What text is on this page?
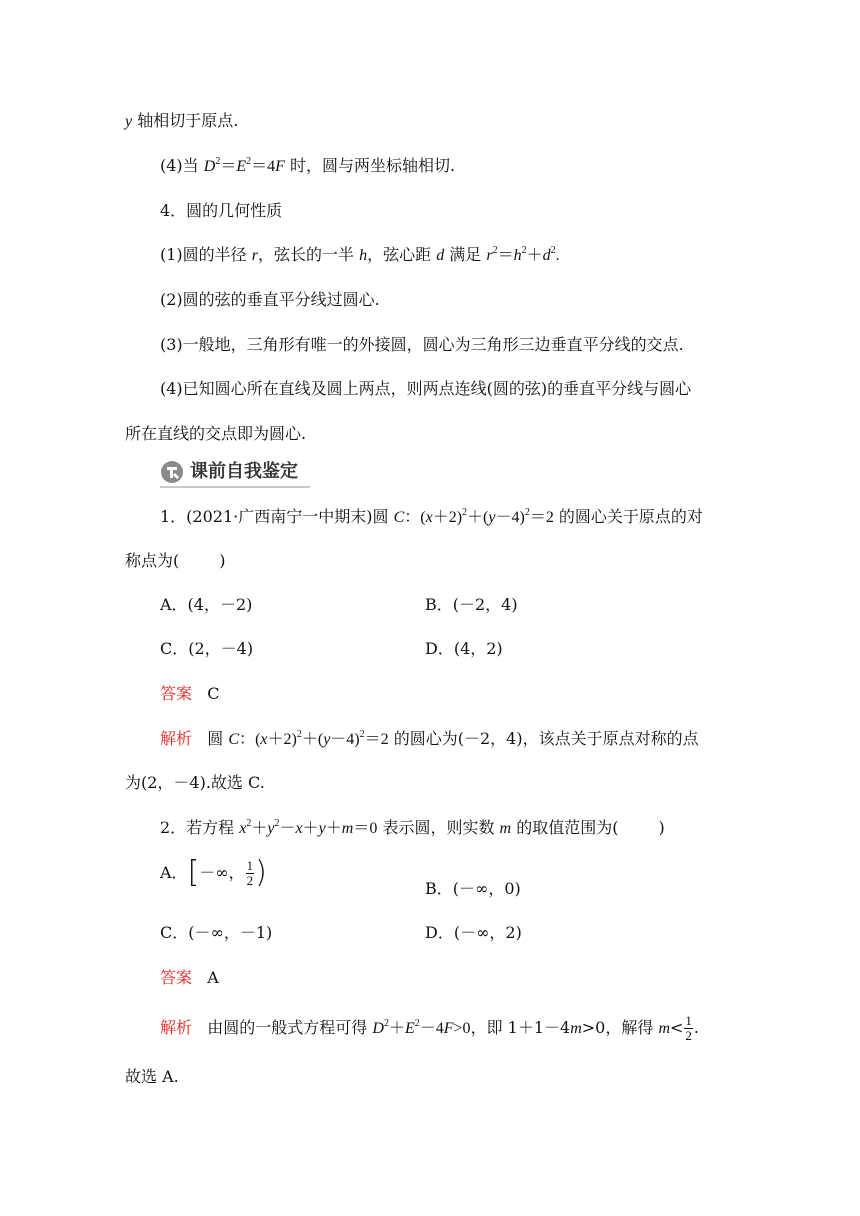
y 轴相切于原点.
(4)当 $D^2=E^2=4F$ 时，圆与两坐标轴相切.
4．圆的几何性质
(1)圆的半径 r，弦长的一半 h，弦心距 d 满足 $r^2=h^2+d^2$.
(2)圆的弦的垂直平分线过圆心.
(3)一般地，三角形有唯一的外接圆，圆心为三角形三边垂直平分线的交点.
(4)已知圆心所在直线及圆上两点，则两点连线(圆的弦)的垂直平分线与圆心
所在直线的交点即为圆心.
课前自我鉴定
1．(2021·广西南宁一中期末)圆 C：$(x+2)^2+(y-4)^2=2$ 的圆心关于原点的对
称点为(	)
A．(4，－2)	B．(－2，4)
C．(2，－4)	D．(4，2)
答案 C
解析 圆 C：$(x+2)^2+(y-4)^2=2$ 的圆心为(－2，4)，该点关于原点对称的点
为(2，－4).故选 C.
2．若方程 $x^2+y^2-x+y+m=0$ 表示圆，则实数 m 的取值范围为(	)
A．[－∞， $\frac{1}{2}$ )	B．(－∞，0)
C．(－∞，－1)	D．(－∞，2)
答案 A
解析 由圆的一般式方程可得 $D^2+E^2-4F>0$，即 1＋1－4m>0，解得 $m< \frac{1}{2}$ .
故选 A.
